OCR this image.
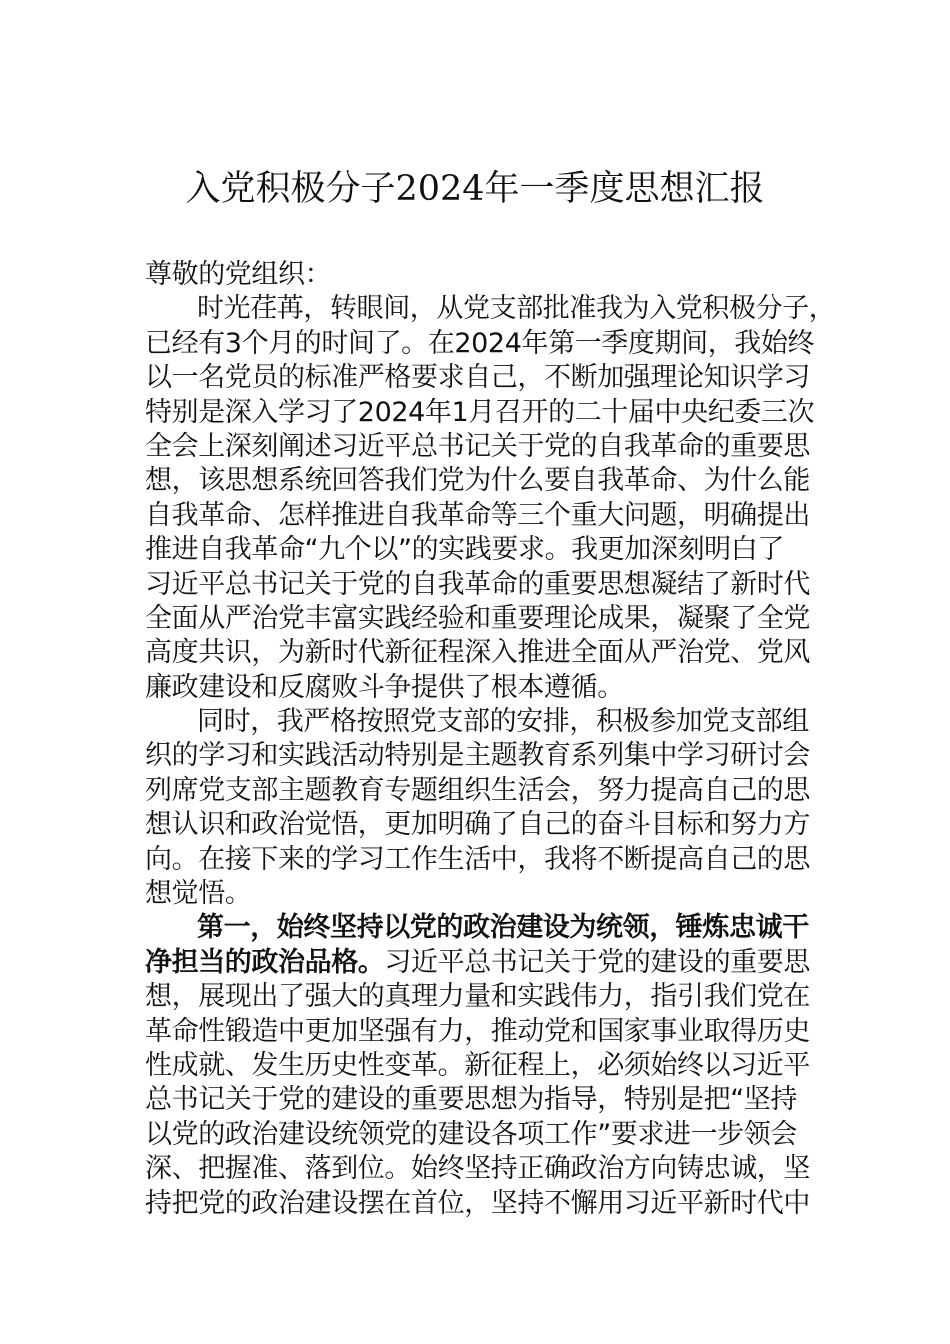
入党积极分子2024年一季度思想汇报
尊敬的党组织：
时光荏苒，转眼间，从党支部批准我为入党积极分子，
已经有3个月的时间了。在2024年第一季度期间，我始终
以一名党员的标准严格要求自己，不断加强理论知识学习
特别是深入学习了2024年1月召开的二十届中央纪委三次
全会上深刻阐述习近平总书记关于党的自我革命的重要思
想，该思想系统回答我们党为什么要自我革命、为什么能
自我革命、怎样推进自我革命等三个重大问题，明确提出
推进自我革命“九个以”的实践要求。我更加深刻明白了
习近平总书记关于党的自我革命的重要思想凝结了新时代
全面从严治党丰富实践经验和重要理论成果，凝聚了全党
高度共识，为新时代新征程深入推进全面从严治党、党风
廉政建设和反腐败斗争提供了根本遵循。
同时，我严格按照党支部的安排，积极参加党支部组
织的学习和实践活动特别是主题教育系列集中学习研讨会
列席党支部主题教育专题组织生活会，努力提高自己的思
想认识和政治觉悟，更加明确了自己的奋斗目标和努力方
向。在接下来的学习工作生活中，我将不断提高自己的思
想觉悟。
第一，始终坚持以党的政治建设为统领，锤炼忠诚干
净担当的政治品格。习近平总书记关于党的建设的重要思
想，展现出了强大的真理力量和实践伟力，指引我们党在
革命性锻造中更加坚强有力，推动党和国家事业取得历史
性成就、发生历史性变革。新征程上，必须始终以习近平
总书记关于党的建设的重要思想为指导，特别是把“坚持
以党的政治建设统领党的建设各项工作”要求进一步领会
深、把握准、落到位。始终坚持正确政治方向铸忠诚，坚
持把党的政治建设摆在首位，坚持不懈用习近平新时代中
